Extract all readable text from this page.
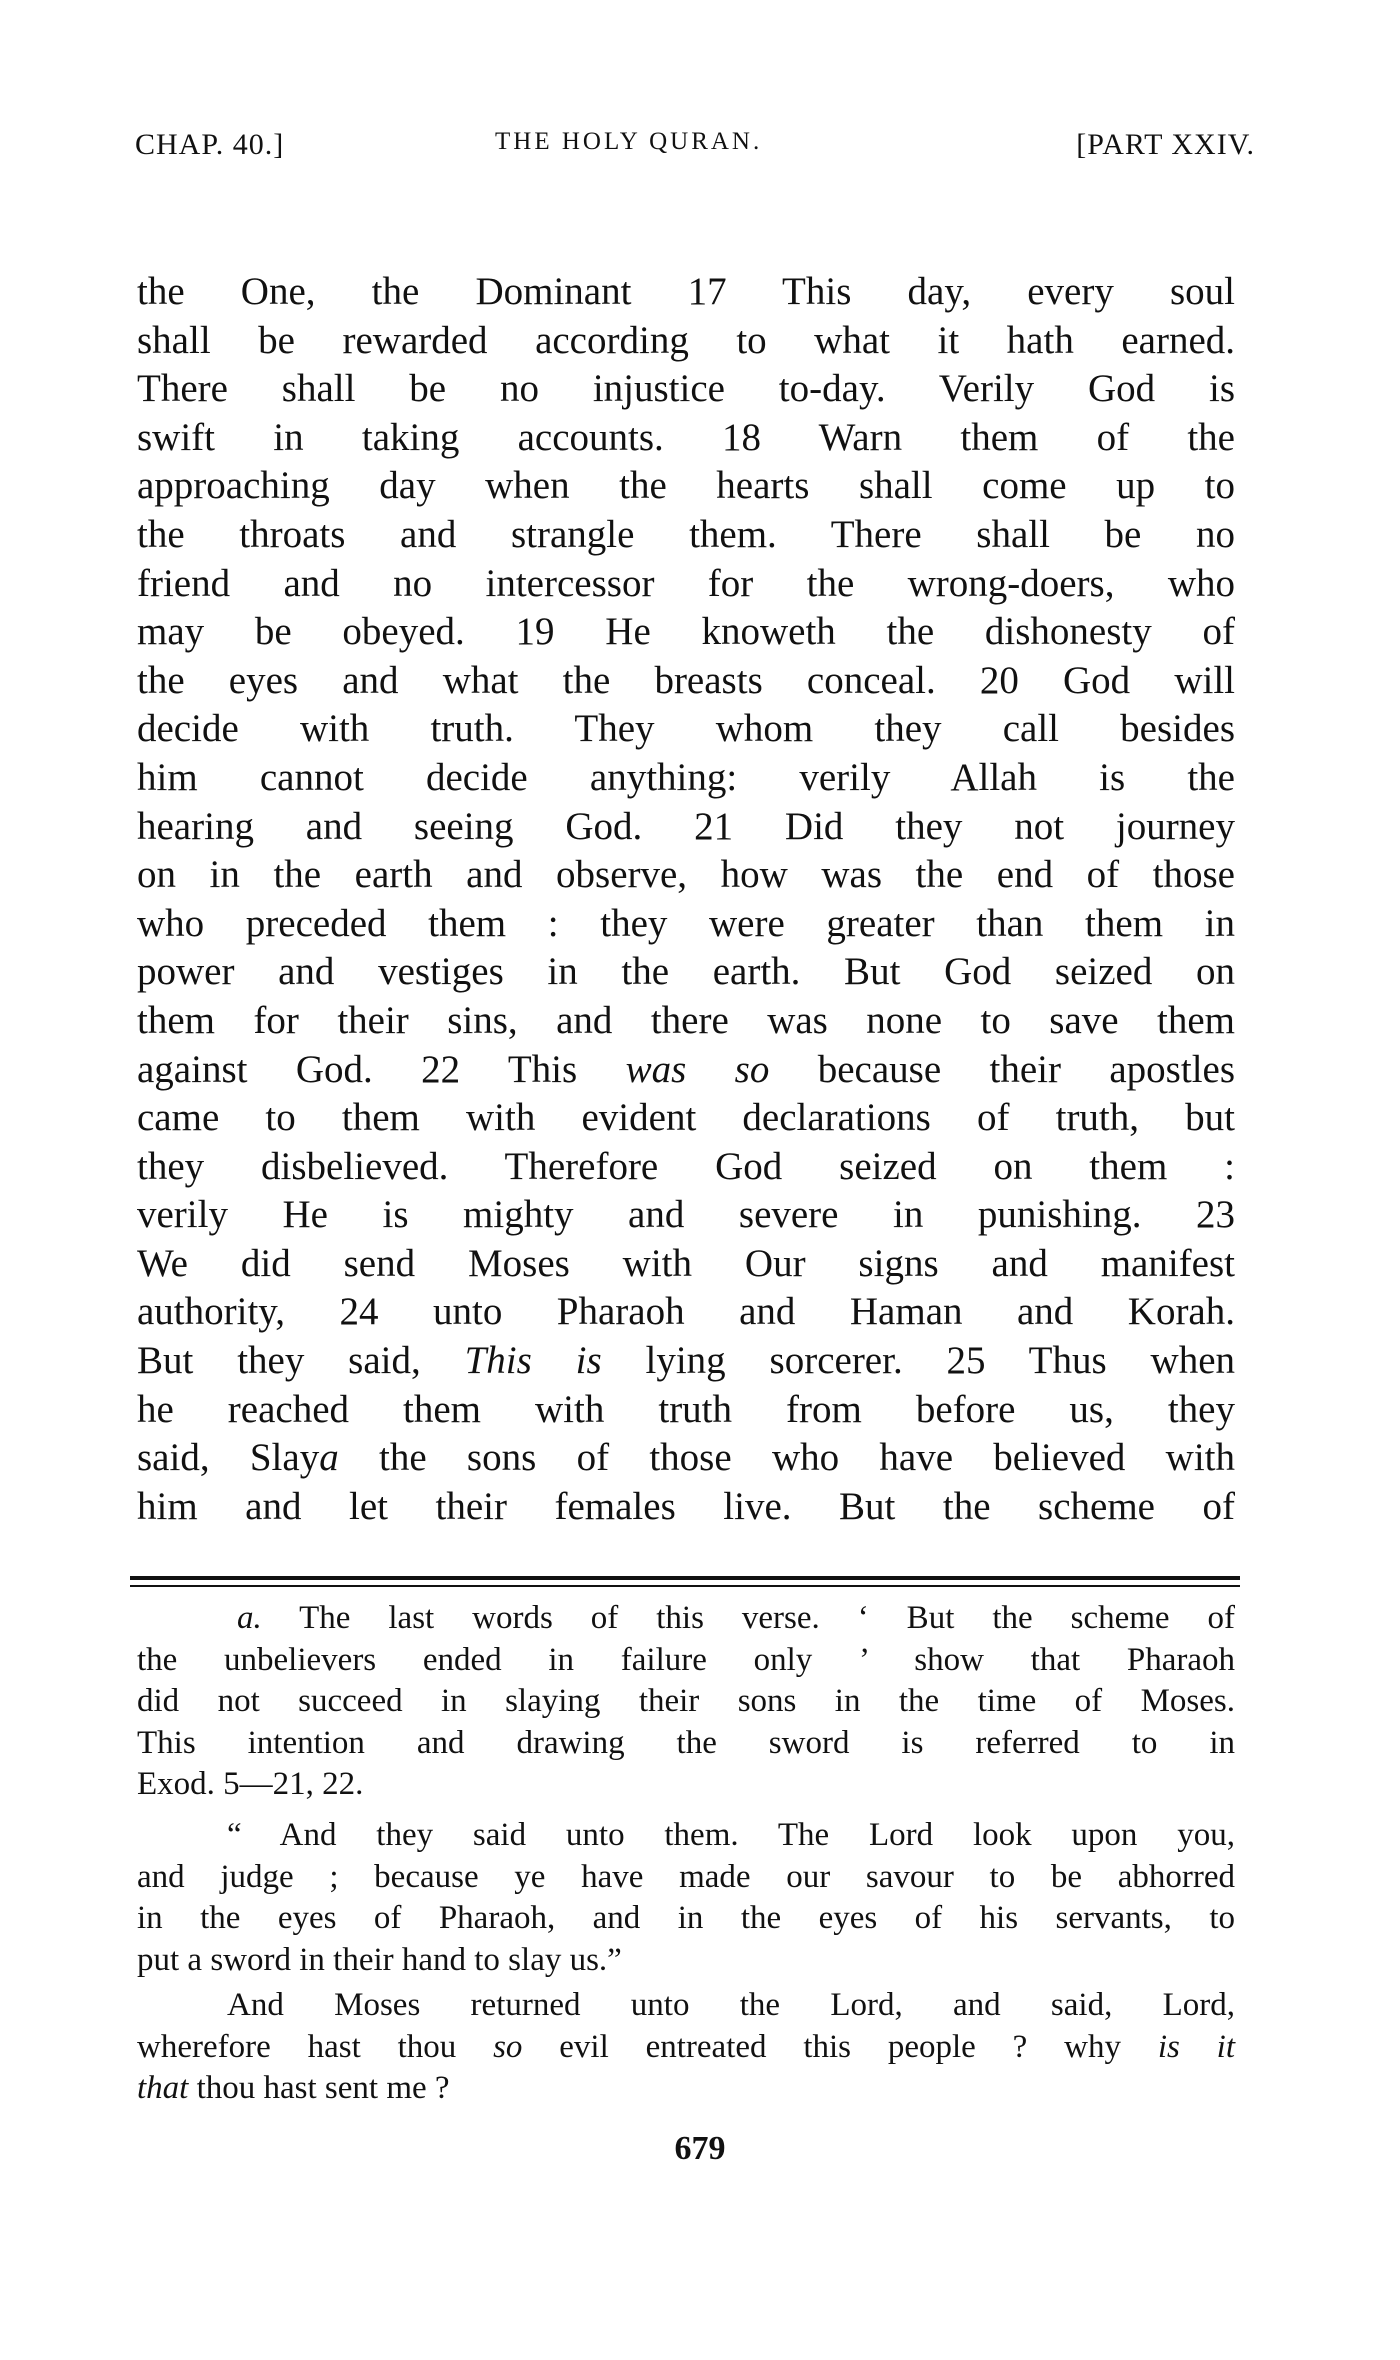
CHAP. 40.]	THE HOLY QURAN.	[PART XXIV.
the One, the Dominant 17 This day, every soul
shall be rewarded according to what it hath earned.
There shall be no injustice to-day. Verily God is
swift in taking accounts. 18 Warn them of the
approaching day when the hearts shall come up to
the throats and strangle them. There shall be no
friend and no intercessor for the wrong-doers, who
may be obeyed. 19 He knoweth the dishonesty of
the eyes and what the breasts conceal. 20 God will
decide with truth. They whom they call besides
him cannot decide anything: verily Allah is the
hearing and seeing God. 21 Did they not journey
on in the earth and observe, how was the end of those
who preceded them : they were greater than them in
power and vestiges in the earth. But God seized on
them for their sins, and there was none to save them
against God. 22 This was so because their apostles
came to them with evident declarations of truth, but
they disbelieved. Therefore God seized on them :
verily He is mighty and severe in punishing. 23
We did send Moses with Our signs and manifest
authority, 24 unto Pharaoh and Haman and Korah.
But they said, This is lying sorcerer. 25 Thus when
he reached them with truth from before us, they
said, Slaya the sons of those who have believed with
him and let their females live. But the scheme of
a. The last words of this verse. ‘ But the scheme of
the unbelievers ended in failure only ’ show that Pharaoh
did not succeed in slaying their sons in the time of Moses.
This intention and drawing the sword is referred to in
Exod. 5—21, 22.
“ And they said unto them. The Lord look upon you,
and judge ; because ye have made our savour to be abhorred
in the eyes of Pharaoh, and in the eyes of his servants, to
put a sword in their hand to slay us.”
And Moses returned unto the Lord, and said, Lord,
wherefore hast thou so evil entreated this people ? why is it
that thou hast sent me ?
679
